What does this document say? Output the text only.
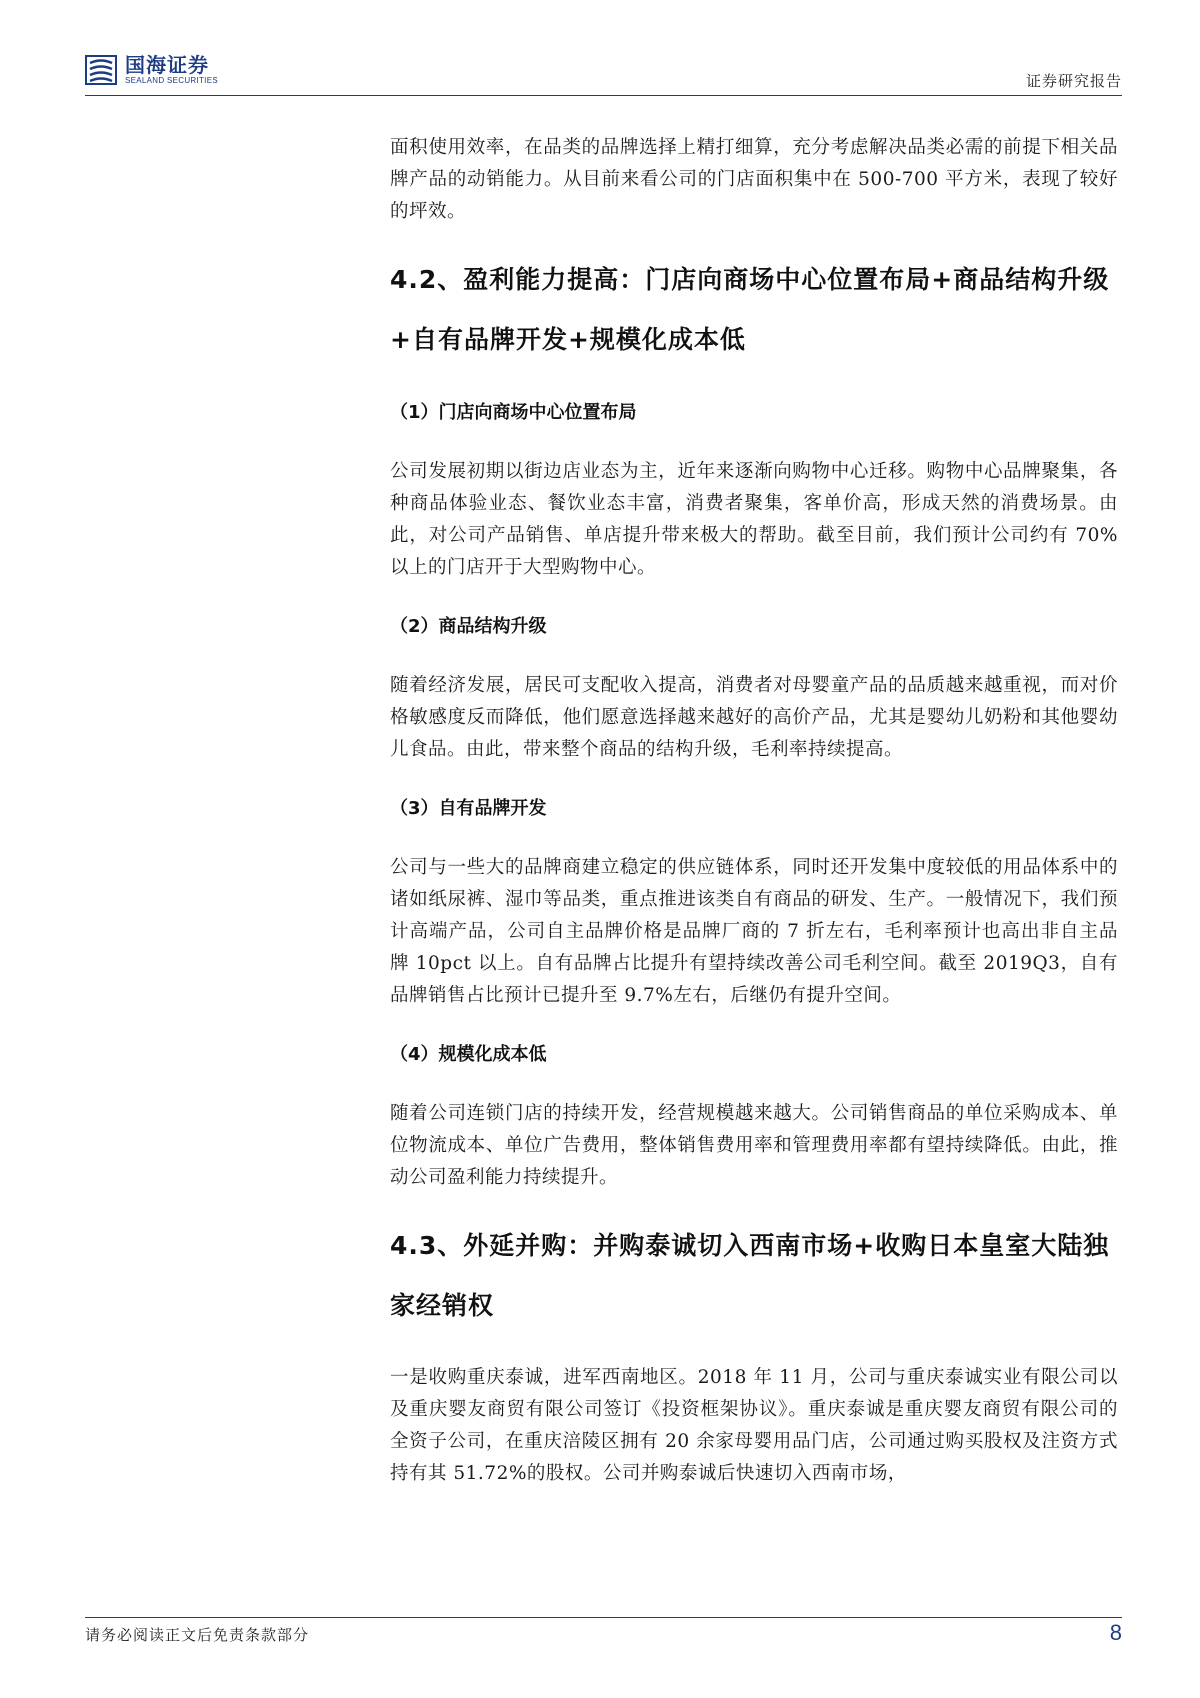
国海证券
SEALAND SECURITIES	证券研究报告

面积使用效率，在品类的品牌选择上精打细算，充分考虑解决品类必需的前提下相关品牌产品的动销能力。从目前来看公司的门店面积集中在 500-700 平方米，表现了较好的坪效。

4.2、盈利能力提高：门店向商场中心位置布局+商品结构升级+自有品牌开发+规模化成本低
（1）门店向商场中心位置布局

公司发展初期以街边店业态为主，近年来逐渐向购物中心迁移。购物中心品牌聚集，各种商品体验业态、餐饮业态丰富，消费者聚集，客单价高，形成天然的消费场景。由此，对公司产品销售、单店提升带来极大的帮助。截至目前，我们预计公司约有 70%以上的门店开于大型购物中心。

（2）商品结构升级

随着经济发展，居民可支配收入提高，消费者对母婴童产品的品质越来越重视，而对价格敏感度反而降低，他们愿意选择越来越好的高价产品，尤其是婴幼儿奶粉和其他婴幼儿食品。由此，带来整个商品的结构升级，毛利率持续提高。

（3）自有品牌开发

公司与一些大的品牌商建立稳定的供应链体系，同时还开发集中度较低的用品体系中的诸如纸尿裤、湿巾等品类，重点推进该类自有商品的研发、生产。一般情况下，我们预计高端产品，公司自主品牌价格是品牌厂商的 7 折左右，毛利率预计也高出非自主品牌 10pct 以上。自有品牌占比提升有望持续改善公司毛利空间。截至 2019Q3，自有品牌销售占比预计已提升至 9.7%左右，后继仍有提升空间。

（4）规模化成本低

随着公司连锁门店的持续开发，经营规模越来越大。公司销售商品的单位采购成本、单位物流成本、单位广告费用，整体销售费用率和管理费用率都有望持续降低。由此，推动公司盈利能力持续提升。

4.3、外延并购：并购泰诚切入西南市场+收购日本皇室大陆独家经销权

一是收购重庆泰诚，进军西南地区。2018 年 11 月，公司与重庆泰诚实业有限公司以及重庆婴友商贸有限公司签订《投资框架协议》。重庆泰诚是重庆婴友商贸有限公司的全资子公司，在重庆涪陵区拥有 20 余家母婴用品门店，公司通过购买股权及注资方式持有其 51.72%的股权。公司并购泰诚后快速切入西南市场，

请务必阅读正文后免责条款部分	8
